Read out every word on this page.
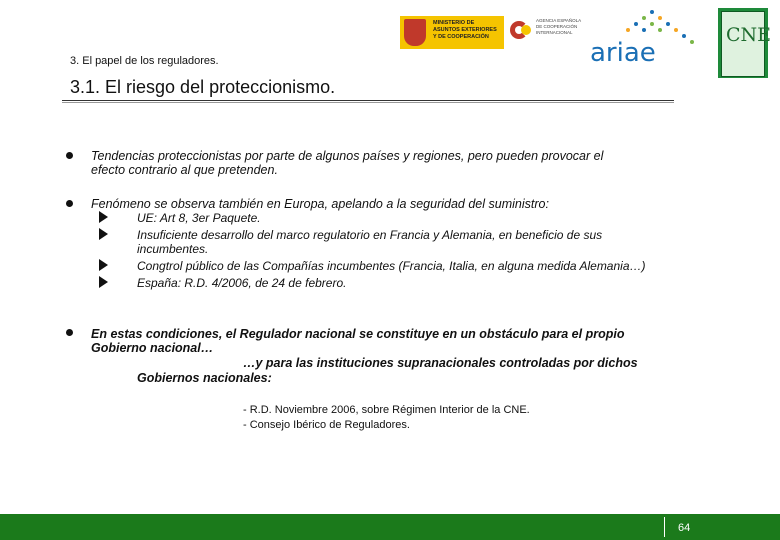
MINISTERIO DE ASUNTOS EXTERIORES Y DE COOPERACIÓN
AGENCIA ESPAÑOLA DE COOPERACIÓN INTERNACIONAL
ariae
CNE
3. El papel de los reguladores.
3.1. El riesgo del proteccionismo.
Tendencias proteccionistas por parte de algunos países y regiones, pero pueden provocar el
efecto contrario al que pretenden.
Fenómeno se observa también en Europa, apelando a la seguridad del suministro:
UE: Art 8, 3er Paquete.
Insuficiente desarrollo del marco regulatorio en Francia y Alemania, en beneficio de sus
incumbentes.
Congtrol público de las Compañías incumbentes (Francia, Italia, en alguna medida Alemania…)
España: R.D. 4/2006, de 24 de febrero.
En estas condiciones, el Regulador nacional se constituye en un obstáculo para el propio
Gobierno nacional…
…y para las instituciones supranacionales controladas por dichos
Gobiernos nacionales:
- R.D. Noviembre 2006, sobre Régimen Interior de la CNE.
- Consejo Ibérico de Reguladores.
64
